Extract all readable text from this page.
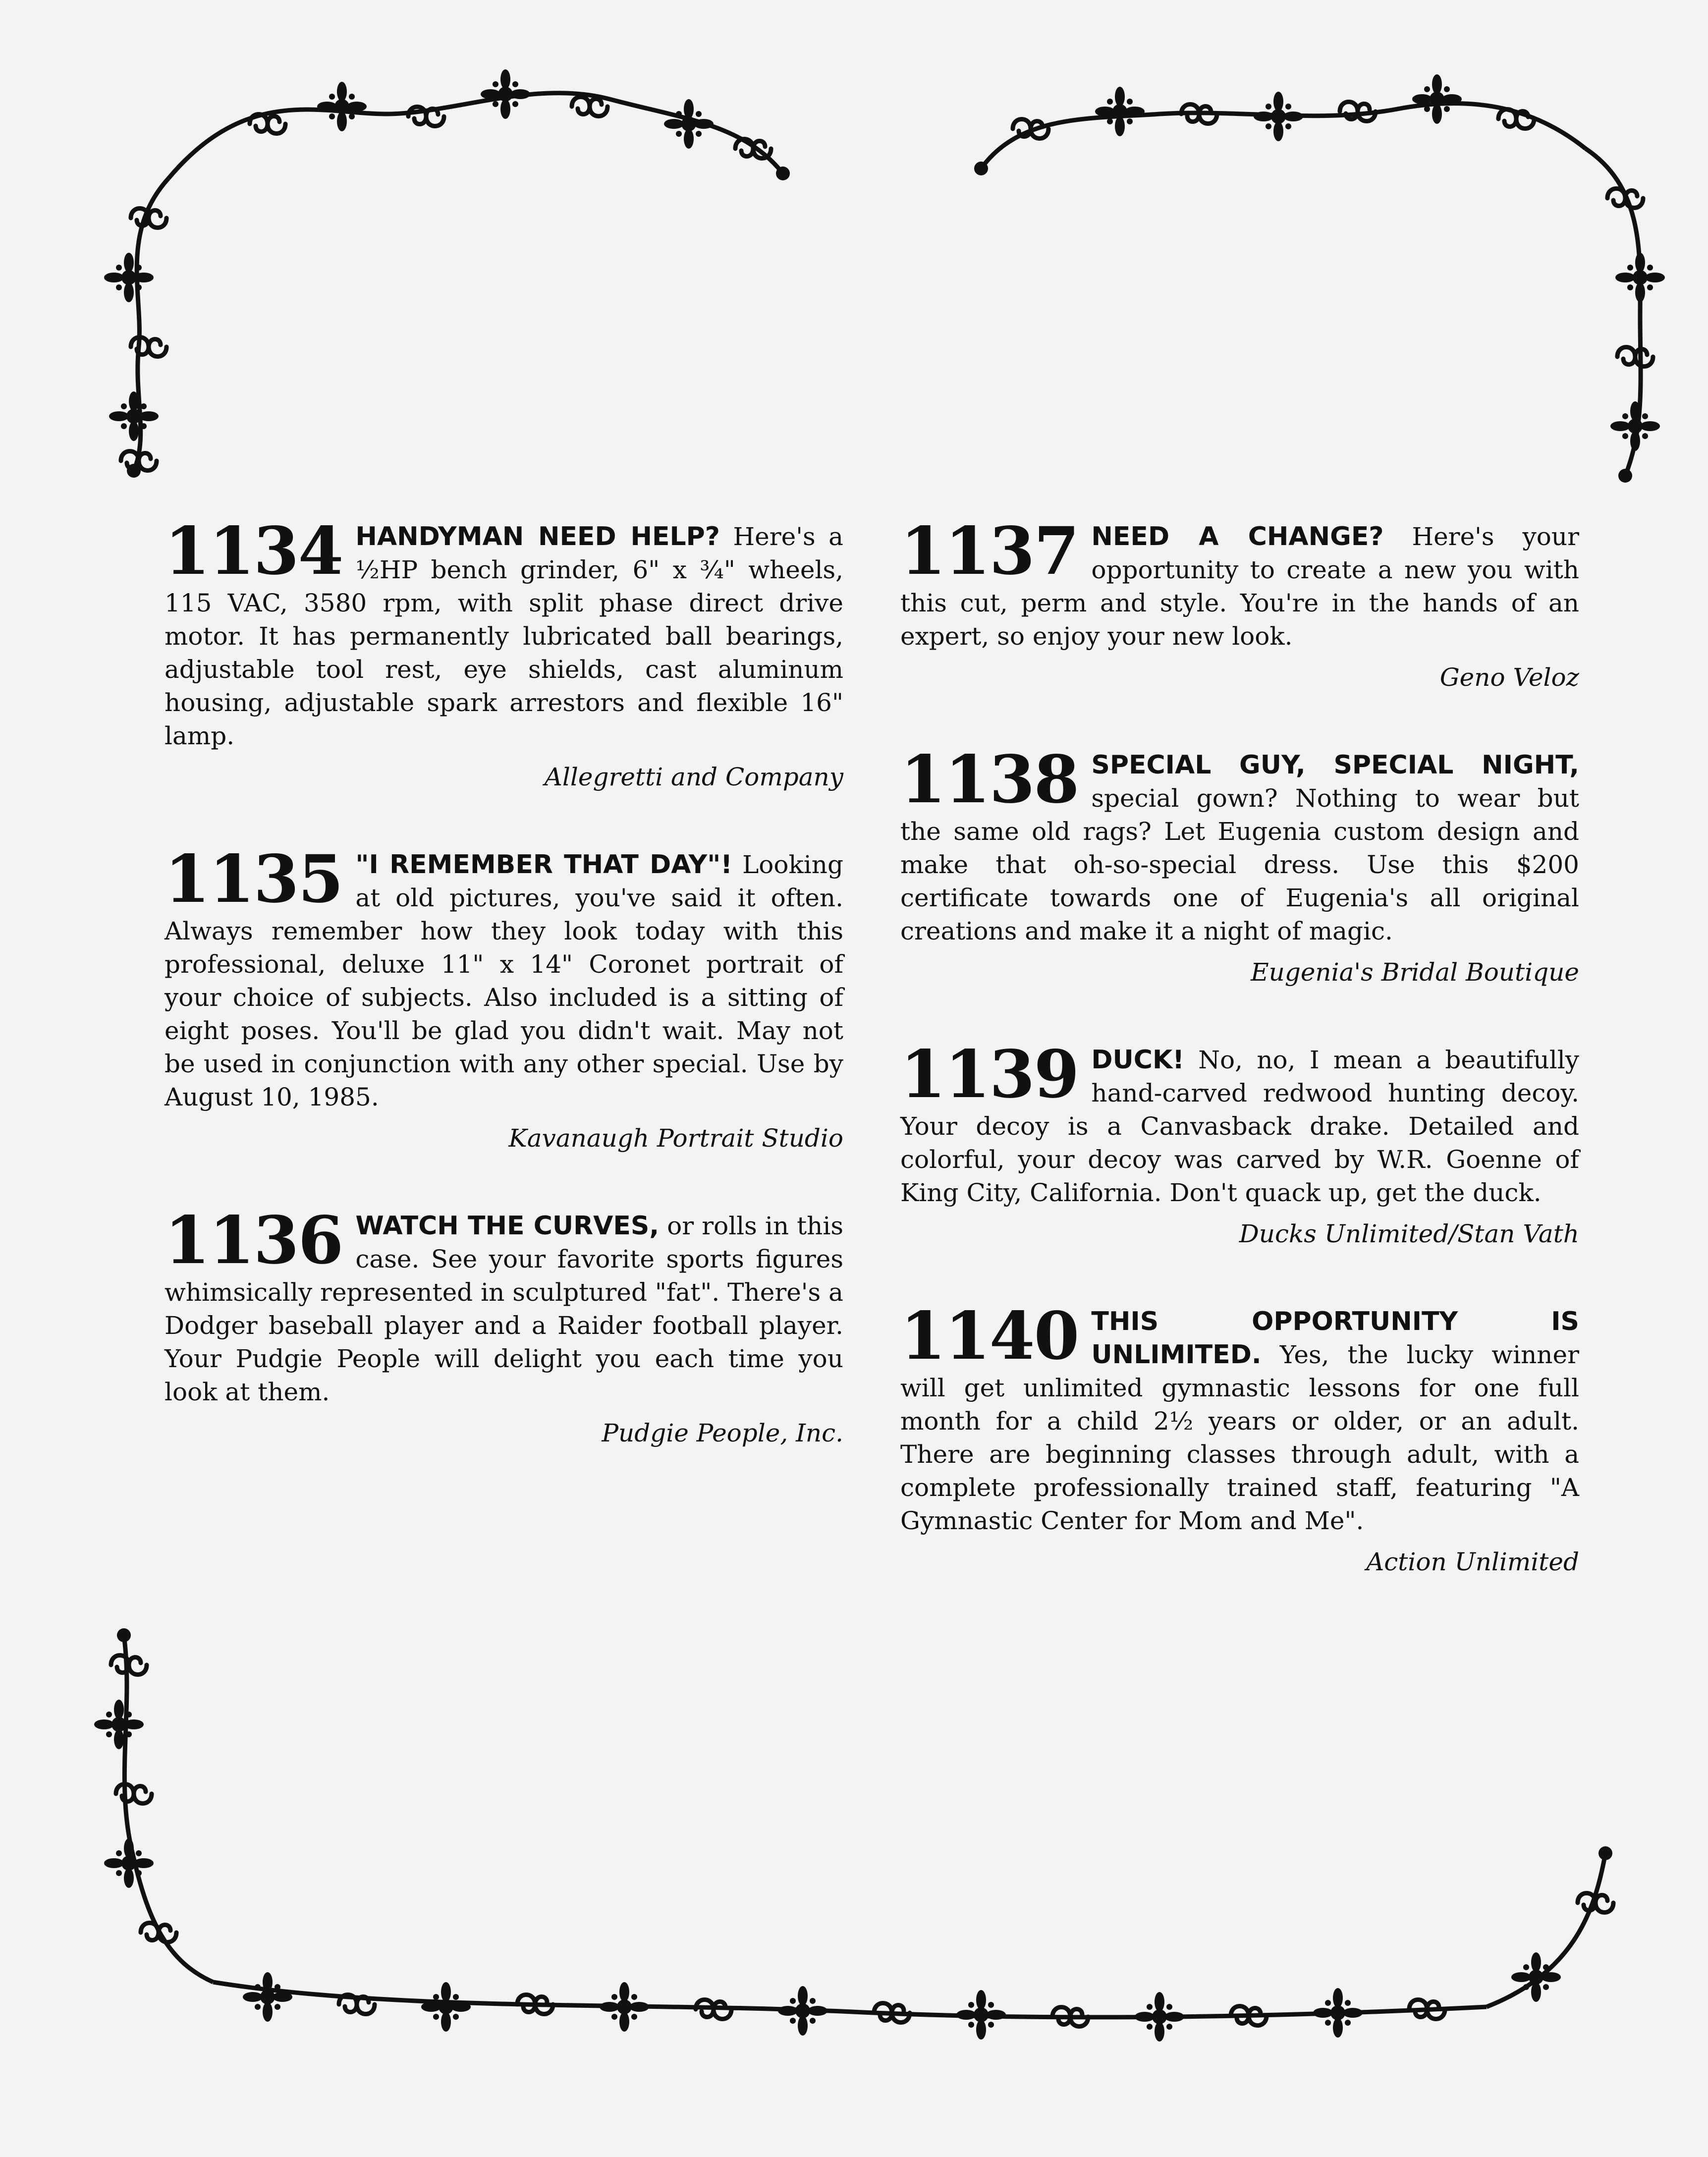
1134 HANDYMAN NEED HELP? Here's a ½HP bench grinder, 6" x ¾" wheels, 115 VAC, 3580 rpm, with split phase direct drive motor. It has permanently lubricated ball bearings, adjustable tool rest, eye shields, cast aluminum housing, adjustable spark arrestors and flexible 16" lamp.
Allegretti and Company
1135 "I REMEMBER THAT DAY"! Looking at old pictures, you've said it often. Always remember how they look today with this professional, deluxe 11" x 14" Coronet portrait of your choice of subjects. Also included is a sitting of eight poses. You'll be glad you didn't wait. May not be used in conjunction with any other special. Use by August 10, 1985.
Kavanaugh Portrait Studio
1136 WATCH THE CURVES, or rolls in this case. See your favorite sports figures whimsically represented in sculptured "fat". There's a Dodger baseball player and a Raider football player. Your Pudgie People will delight you each time you look at them.
Pudgie People, Inc.
1137 NEED A CHANGE? Here's your opportunity to create a new you with this cut, perm and style. You're in the hands of an expert, so enjoy your new look.
Geno Veloz
1138 SPECIAL GUY, SPECIAL NIGHT, special gown? Nothing to wear but the same old rags? Let Eugenia custom design and make that oh-so-special dress. Use this $200 certificate towards one of Eugenia's all original creations and make it a night of magic.
Eugenia's Bridal Boutique
1139 DUCK! No, no, I mean a beautifully hand-carved redwood hunting decoy. Your decoy is a Canvasback drake. Detailed and colorful, your decoy was carved by W.R. Goenne of King City, California. Don't quack up, get the duck.
Ducks Unlimited/Stan Vath
1140 THIS OPPORTUNITY IS UNLIMITED. Yes, the lucky winner will get unlimited gymnastic lessons for one full month for a child 2½ years or older, or an adult. There are beginning classes through adult, with a complete professionally trained staff, featuring "A Gymnastic Center for Mom and Me".
Action Unlimited
